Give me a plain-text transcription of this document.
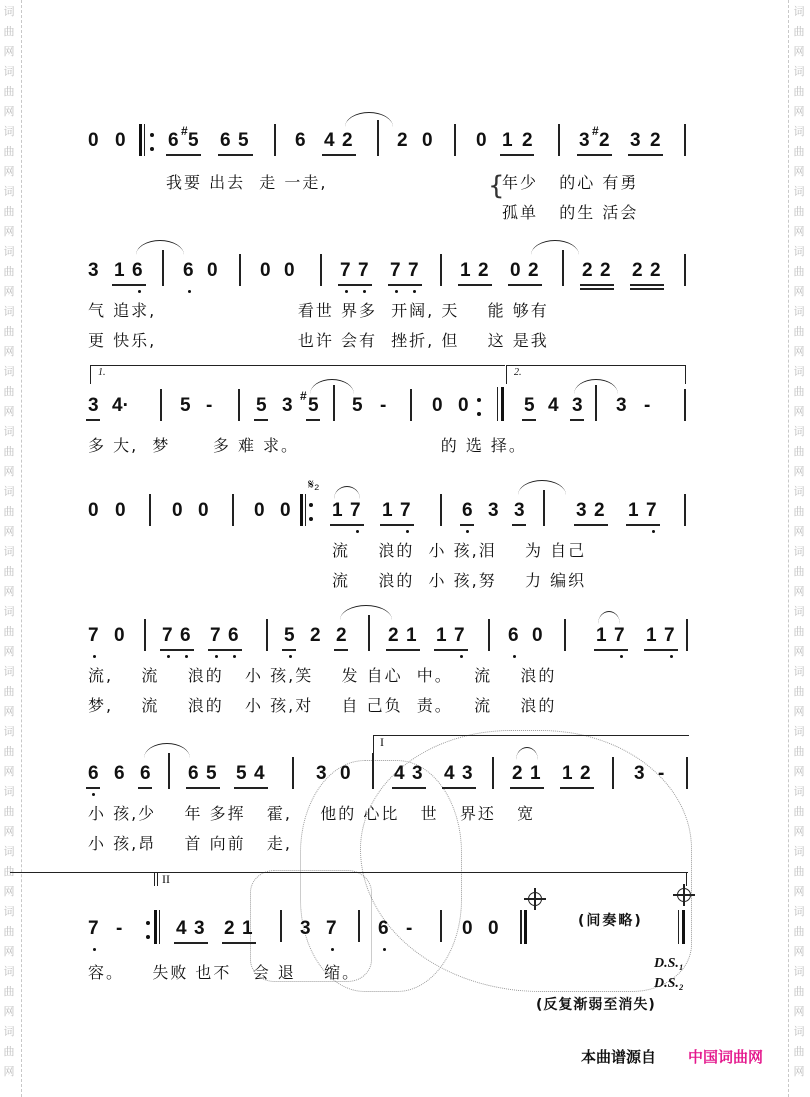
词
曲
网
词
曲
网
词
曲
网
词
曲
网
词
曲
网
词
曲
网
词
曲
网
词
曲
网
词
曲
网
词
曲
网
词
曲
网
词
曲
网
词
曲
网
词
曲
网
词
曲
网
词
曲
网
词
曲
网
词
曲
网
词
曲
网
词
曲
网
词
曲
网
词
曲
网
词
曲
网
词
曲
网
词
曲
网
词
曲
网
词
曲
网
词
曲
网
词
曲
网
词
曲
网
词
曲
网
词
曲
网
词
曲
网
词
曲
网
词
曲
网
词
曲
网
0 0 6 # 5 6 5 6 4 2 2 0 0 1 2 3 # 2 3 2
我要 出去  走 一走,	{
年少   的心 有勇
孤单   的生 活会
3 1 6 6 0 0 0 7 7 7 7 1 2 0 2 2 2 2 2
气 追求,                    看世 界多  开阔, 天    能 够有
更 快乐,                    也许 会有  挫折, 但    这 是我
1.	2.
3 4·	5 - 5 3 # 5 5 - 0 0	5 4 3 3 -
多 大,  梦      多 难 求。                    的 选 择。
0 0 0 0 0 0
𝄋₂
1 7 1 7	6 3 3	3 2 1 7
流    浪的  小 孩,泪    为 自己
流    浪的  小 孩,努    力 编织
7 0 7 6 7 6 5 2 2 2 1 1 7 6 0	1 7 1 7
流,    流    浪的   小 孩,笑    发 自心  中。   流    浪的
梦,    流    浪的   小 孩,对    自 己负  责。   流    浪的
I
6 6 6 6 5 5 4	3 0 4 3 4 3 2 1 1 2 3 -
小 孩,少    年 多挥   霍,    他的 心比   世   界还   宽
小 孩,昂    首 向前   走,
II
7 -	4 3 2 1 3 7 6 -	0 0	(间奏略)
容。    失败 也不   会 退    缩。	D.S.₁
D.S.₂
(反复渐弱至消失)
本曲谱源自 中国词曲网
